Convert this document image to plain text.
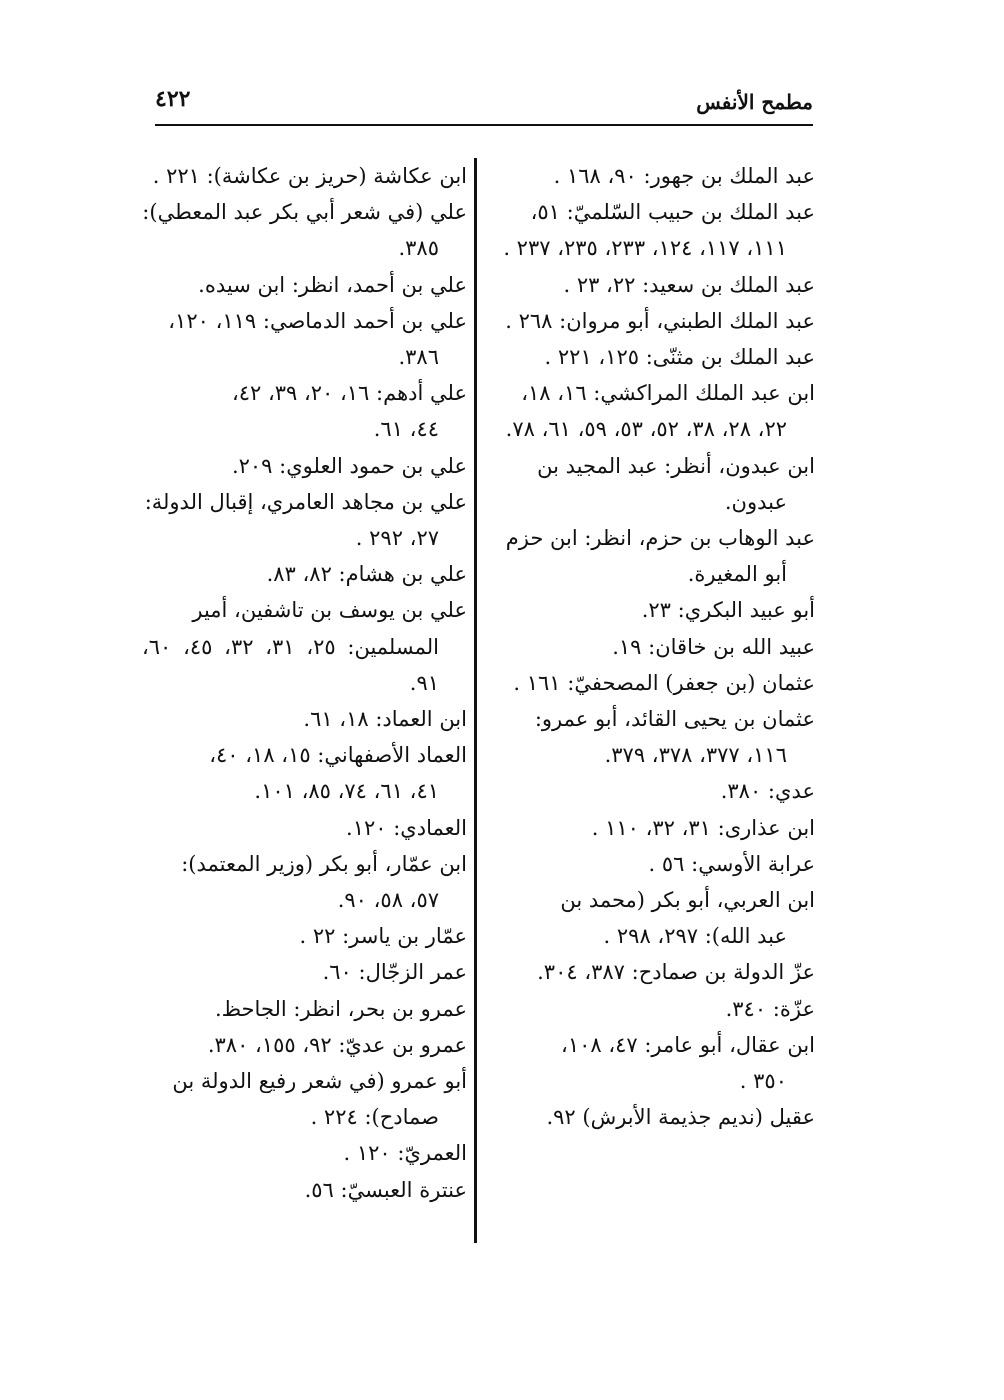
مطمح الأنفس
٤٢٢

عبد الملك بن جهور: ٩٠، ١٦٨ .

عبد الملك بن حبيب السّلميّ: ٥١،
١١١، ١١٧، ١٢٤، ٢٣٣، ٢٣٥، ٢٣٧ .

عبد الملك بن سعيد: ٢٢، ٢٣ .

عبد الملك الطبني، أبو مروان: ٢٦٨ .

عبد الملك بن مثنّى: ١٢٥، ٢٢١ .

ابن عبد الملك المراكشي: ١٦، ١٨،
٢٢، ٢٨، ٣٨، ٥٢، ٥٣، ٥٩، ٦١، ٧٨.

ابن عبدون، أنظر: عبد المجيد بن
عبدون.

عبد الوهاب بن حزم، انظر: ابن حزم
أبو المغيرة.

أبو عبيد البكري: ٢٣.

عبيد الله بن خاقان: ١٩.

عثمان (بن جعفر) المصحفيّ: ١٦١ .

عثمان بن يحيى القائد، أبو عمرو:
١١٦، ٣٧٧، ٣٧٨، ٣٧٩.

عدي: ٣٨٠.

ابن عذارى: ٣١، ٣٢، ١١٠ .

عرابة الأوسي: ٥٦ .

ابن العربي، أبو بكر (محمد بن
عبد الله): ٢٩٧، ٢٩٨ .

عزّ الدولة بن صمادح: ٣٨٧، ٣٠٤.

عزّة: ٣٤٠.

ابن عقال، أبو عامر: ٤٧، ١٠٨،
٣٥٠ .

عقيل (نديم جذيمة الأبرش) ٩٢.

ابن عكاشة (حريز بن عكاشة): ٢٢١ .

علي (في شعر أبي بكر عبد المعطي):
٣٨٥.

علي بن أحمد، انظر: ابن سيده.

علي بن أحمد الدماصي: ١١٩، ١٢٠،
٣٨٦.

علي أدهم: ١٦، ٢٠، ٣٩، ٤٢،
٤٤، ٦١.

علي بن حمود العلوي: ٢٠٩.

علي بن مجاهد العامري، إقبال الدولة:
٢٧، ٢٩٢ .

علي بن هشام: ٨٢، ٨٣.

علي بن يوسف بن تاشفين، أمير
المسلمين: ٢٥، ٣١، ٣٢، ٤٥، ٦٠، ٩١.

ابن العماد: ١٨، ٦١.

العماد الأصفهاني: ١٥، ١٨، ٤٠،
٤١، ٦١، ٧٤، ٨٥، ١٠١.

العمادي: ١٢٠.

ابن عمّار، أبو بكر (وزير المعتمد):
٥٧، ٥٨، ٩٠.

عمّار بن ياسر: ٢٢ .

عمر الزجّال: ٦٠.

عمرو بن بحر، انظر: الجاحظ.

عمرو بن عديّ: ٩٢، ١٥٥، ٣٨٠.

أبو عمرو (في شعر رفيع الدولة بن
صمادح): ٢٢٤ .

العمريّ: ١٢٠ .

عنترة العبسيّ: ٥٦.
